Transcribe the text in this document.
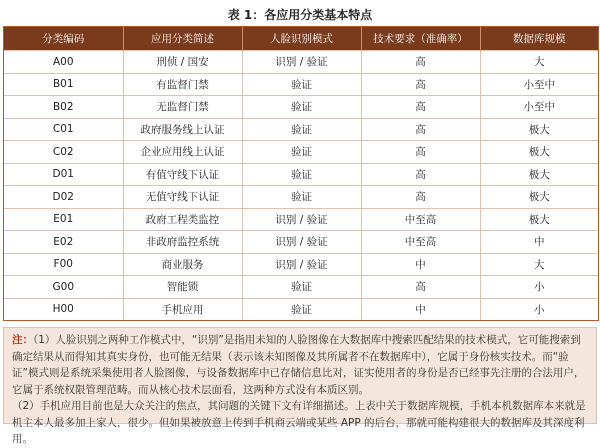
表 1：各应用分类基本特点
分类编码	应用分类简述	人脸识别模式	技术要求（准确率）	数据库规模
A00	刑侦 / 国安	识别 / 验证	高	大
B01	有监督门禁	验证	高	小至中
B02	无监督门禁	验证	高	小至中
C01	政府服务线上认证	验证	高	极大
C02	企业应用线上认证	验证	高	极大
D01	有值守线下认证	验证	高	极大
D02	无值守线下认证	验证	高	极大
E01	政府工程类监控	识别 / 验证	中至高	极大
E02	非政府监控系统	识别 / 验证	中至高	中
F00	商业服务	识别 / 验证	中	大
G00	智能锁	验证	高	小
H00	手机应用	验证	中	小

注：（1）人脸识别之两种工作模式中，“识别”是指用未知的人脸图像在大数据库中搜索匹配结果的技术模式，它可能搜索到确定结果从而得知其真实身份，也可能无结果（表示该未知图像及其所属者不在数据库中），它属于身份核实技术。而“验证”模式则是系统采集使用者人脸图像，与设备数据库中已存储信息比对，证实使用者的身份是否已经事先注册的合法用户，它属于系统权限管理范畴。而从核心技术层面看，这两种方式没有本质区别。

（2）手机应用目前也是大众关注的焦点，其问题的关键下文有详细描述。上表中关于数据库规模，手机本机数据库本来就是机主本人最多加上家人，很少。但如果被放意上传到手机商云端或某些 APP 的后台，那就可能构建很大的数据库及其深度利用。
